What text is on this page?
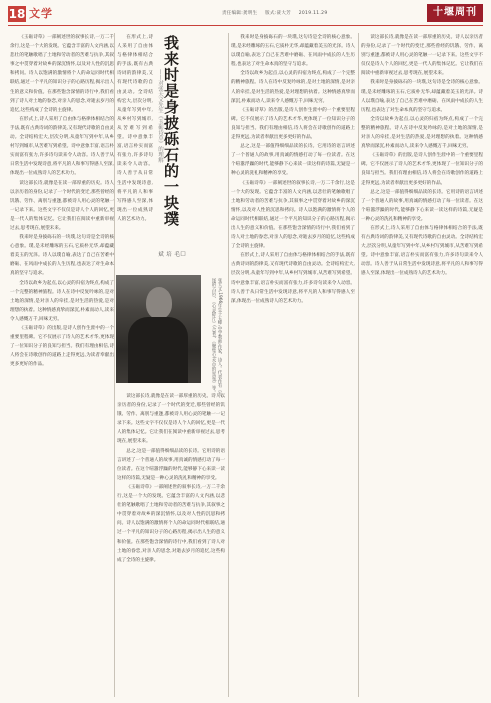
18 文学	责任编辑:龚明生 版式:聂大芳 2019.11.29	十堰周刊

《玉砺诗草》一部阐述世的叙事长诗,一万二千余行,这是一个大的发现。它蕴含丰富的人文内涵,以悲壮的笔触歌唱了土地和劳动者的苦难与抗争,其叙事之中贯穿着对故乡的深沉情怀,以及对人性的沉思和拷问。诗人以饱满的激情将个人的命运同时代相联结,通过一个平凡的知识分子的心路历程,揭示出人生的意义和价值。在那些饱含深情的诗行中,我们看到了诗人对土地的眷恋,对亲人的思念,对逝去岁月的追忆,这些构成了全诗的主旋律。

在形式上,诗人采用了自由体与格律体相结合的手法,既有古典诗词的韵律美,又有现代诗歌的自由灵动。全诗结构宏大,层次分明,从童年写到中年,从乡村写到城市,从苦难写到希望。诗中意象丰富,语言朴实而富有张力,许多诗句读来令人动容。诗人善于从日常生活中发现诗意,将平凡的人和事写得感人至深,体现出一位成熟诗人的艺术功力。

读这部长诗,就像是在读一部厚重的历史。诗人以亲历者的身份,记录了一个时代的变迁,那些曾经的饥饿、劳作、离别与重逢,都被诗人用心灵的笔触一一记录下来。这些文字不仅仅是诗人个人的回忆,更是一代人的集体记忆。它让我们在阅读中重新审视过去,思考现在,展望未来。

我来时是身披砾石的一块璞,这句诗是全诗的核心意象。璞,是未经雕琢的玉石,它质朴无华,却蕴藏着美玉的光泽。诗人以璞自喻,表达了自己在苦难中磨砺、在风雨中成长的人生历程,也表达了对生命本真的坚守与追求。

全诗以故乡为起点,以心灵的归宿为终点,构成了一个完整的精神旅程。诗人在诗中反复吟咏的,是对土地的深情,是对亲人的牵挂,是对生活的热爱,是对理想的执着。这种情感真挚而深沉,朴素而动人,读来令人感慨万千,回味无穷。

《玉砺诗草》的出版,是诗人创作生涯中的一个重要里程碑。它不仅展示了诗人的艺术才华,更体现了一位知识分子的良知与担当。我们有理由相信,诗人将会在诗歌创作的道路上走得更远,为读者奉献出更多更好的作品。

在形式上,诗人采用了自由体与格律体相结合的手法,既有古典诗词的韵律美,又有现代诗歌的自由灵动。全诗结构宏大,层次分明,从童年写到中年,从乡村写到城市,从苦难写到希望。诗中意象丰富,语言朴实而富有张力,许多诗句读来令人动容。诗人善于从日常生活中发现诗意,将平凡的人和事写得感人至深,体现出一位成熟诗人的艺术功力。 我来时是身披砾石的一块璞
——对张天文先生《玉砺诗草》的理解
□毛培斌
张天文,1966年生于五峰,中学教师,作家、诗人。代表作有《五尾的六层》、《心灵碎片》(合著)、《聚集心(水中的星星)》等。

读这部长诗,就像是在读一部厚重的历史。诗人以亲历者的身份,记录了一个时代的变迁,那些曾经的饥饿、劳作、离别与重逢,都被诗人用心灵的笔触一一记录下来。这些文字不仅仅是诗人个人的回忆,更是一代人的集体记忆。它让我们在阅读中重新审视过去,思考现在,展望未来。

总之,这是一部值得细细品读的长诗。它用诗的语言讲述了一个普通人的故事,用真诚的情感打动了每一位读者。在这个喧嚣浮躁的时代,能够静下心来读一读这样的诗篇,无疑是一种心灵的洗礼和精神的享受。

《玉砺诗草》一部阐述世的叙事长诗,一万二千余行,这是一个大的发现。它蕴含丰富的人文内涵,以悲壮的笔触歌唱了土地和劳动者的苦难与抗争,其叙事之中贯穿着对故乡的深沉情怀,以及对人性的沉思和拷问。诗人以饱满的激情将个人的命运同时代相联结,通过一个平凡的知识分子的心路历程,揭示出人生的意义和价值。在那些饱含深情的诗行中,我们看到了诗人对土地的眷恋,对亲人的思念,对逝去岁月的追忆,这些构成了全诗的主旋律。

我来时是身披砾石的一块璞,这句诗是全诗的核心意象。璞,是未经雕琢的玉石,它质朴无华,却蕴藏着美玉的光泽。诗人以璞自喻,表达了自己在苦难中磨砺、在风雨中成长的人生历程,也表达了对生命本真的坚守与追求。

全诗以故乡为起点,以心灵的归宿为终点,构成了一个完整的精神旅程。诗人在诗中反复吟咏的,是对土地的深情,是对亲人的牵挂,是对生活的热爱,是对理想的执着。这种情感真挚而深沉,朴素而动人,读来令人感慨万千,回味无穷。

《玉砺诗草》的出版,是诗人创作生涯中的一个重要里程碑。它不仅展示了诗人的艺术才华,更体现了一位知识分子的良知与担当。我们有理由相信,诗人将会在诗歌创作的道路上走得更远,为读者奉献出更多更好的作品。

总之,这是一部值得细细品读的长诗。它用诗的语言讲述了一个普通人的故事,用真诚的情感打动了每一位读者。在这个喧嚣浮躁的时代,能够静下心来读一读这样的诗篇,无疑是一种心灵的洗礼和精神的享受。

《玉砺诗草》一部阐述世的叙事长诗,一万二千余行,这是一个大的发现。它蕴含丰富的人文内涵,以悲壮的笔触歌唱了土地和劳动者的苦难与抗争,其叙事之中贯穿着对故乡的深沉情怀,以及对人性的沉思和拷问。诗人以饱满的激情将个人的命运同时代相联结,通过一个平凡的知识分子的心路历程,揭示出人生的意义和价值。在那些饱含深情的诗行中,我们看到了诗人对土地的眷恋,对亲人的思念,对逝去岁月的追忆,这些构成了全诗的主旋律。

在形式上,诗人采用了自由体与格律体相结合的手法,既有古典诗词的韵律美,又有现代诗歌的自由灵动。全诗结构宏大,层次分明,从童年写到中年,从乡村写到城市,从苦难写到希望。诗中意象丰富,语言朴实而富有张力,许多诗句读来令人动容。诗人善于从日常生活中发现诗意,将平凡的人和事写得感人至深,体现出一位成熟诗人的艺术功力。

读这部长诗,就像是在读一部厚重的历史。诗人以亲历者的身份,记录了一个时代的变迁,那些曾经的饥饿、劳作、离别与重逢,都被诗人用心灵的笔触一一记录下来。这些文字不仅仅是诗人个人的回忆,更是一代人的集体记忆。它让我们在阅读中重新审视过去,思考现在,展望未来。

我来时是身披砾石的一块璞,这句诗是全诗的核心意象。璞,是未经雕琢的玉石,它质朴无华,却蕴藏着美玉的光泽。诗人以璞自喻,表达了自己在苦难中磨砺、在风雨中成长的人生历程,也表达了对生命本真的坚守与追求。

全诗以故乡为起点,以心灵的归宿为终点,构成了一个完整的精神旅程。诗人在诗中反复吟咏的,是对土地的深情,是对亲人的牵挂,是对生活的热爱,是对理想的执着。这种情感真挚而深沉,朴素而动人,读来令人感慨万千,回味无穷。

《玉砺诗草》的出版,是诗人创作生涯中的一个重要里程碑。它不仅展示了诗人的艺术才华,更体现了一位知识分子的良知与担当。我们有理由相信,诗人将会在诗歌创作的道路上走得更远,为读者奉献出更多更好的作品。

总之,这是一部值得细细品读的长诗。它用诗的语言讲述了一个普通人的故事,用真诚的情感打动了每一位读者。在这个喧嚣浮躁的时代,能够静下心来读一读这样的诗篇,无疑是一种心灵的洗礼和精神的享受。

在形式上,诗人采用了自由体与格律体相结合的手法,既有古典诗词的韵律美,又有现代诗歌的自由灵动。全诗结构宏大,层次分明,从童年写到中年,从乡村写到城市,从苦难写到希望。诗中意象丰富,语言朴实而富有张力,许多诗句读来令人动容。诗人善于从日常生活中发现诗意,将平凡的人和事写得感人至深,体现出一位成熟诗人的艺术功力。
